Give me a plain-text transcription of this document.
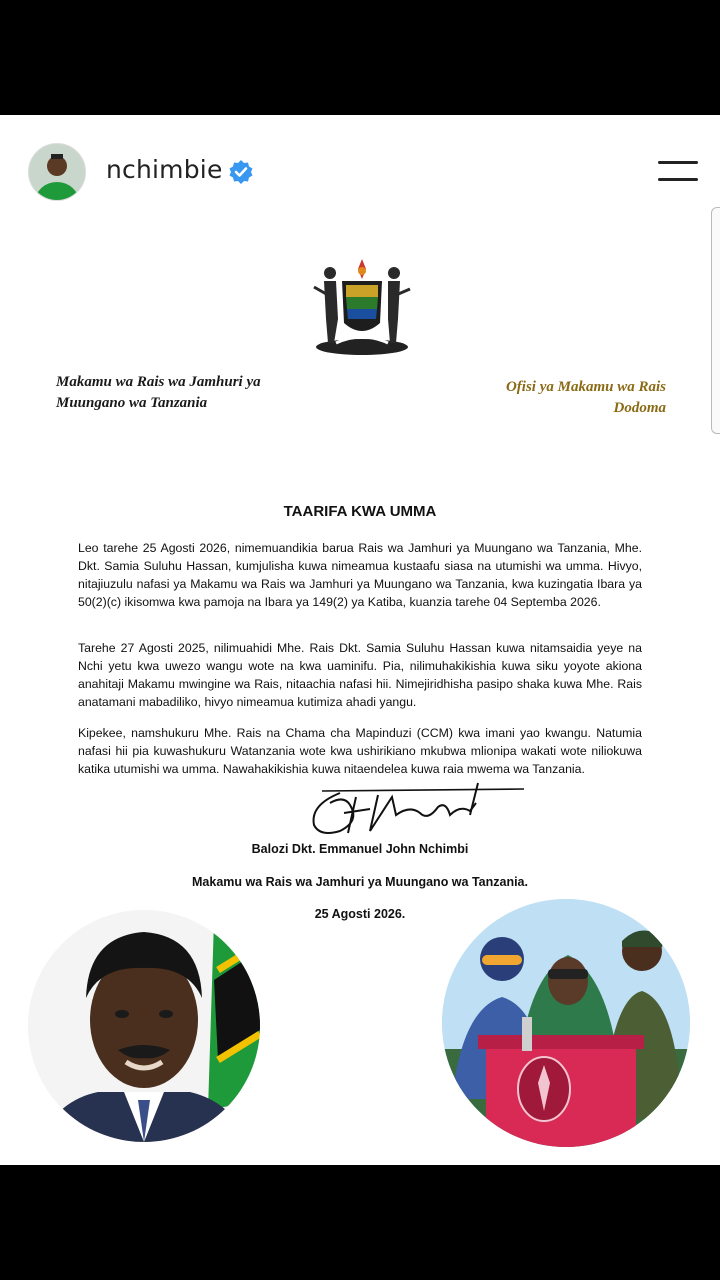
nchimbie
Makamu wa Rais wa Jamhuri ya Muungano wa Tanzania
Ofisi ya Makamu wa Rais
Dodoma
TAARIFA KWA UMMA
Leo tarehe 25 Agosti 2026, nimemuandikia barua Rais wa Jamhuri ya Muungano wa Tanzania, Mhe. Dkt. Samia Suluhu Hassan, kumjulisha kuwa nimeamua kustaafu siasa na utumishi wa umma. Hivyo, nitajiuzulu nafasi ya Makamu wa Rais wa Jamhuri ya Muungano wa Tanzania, kwa kuzingatia Ibara ya 50(2)(c) ikisomwa kwa pamoja na Ibara ya 149(2) ya Katiba, kuanzia tarehe 04 Septemba 2026.
Tarehe 27 Agosti 2025, nilimuahidi Mhe. Rais Dkt. Samia Suluhu Hassan kuwa nitamsaidia yeye na Nchi yetu kwa uwezo wangu wote na kwa uaminifu. Pia, nilimuhakikishia kuwa siku yoyote akiona anahitaji Makamu mwingine wa Rais, nitaachia nafasi hii. Nimejiridhisha pasipo shaka kuwa Mhe. Rais anatamani mabadiliko, hivyo nimeamua kutimiza ahadi yangu.
Kipekee, namshukuru Mhe. Rais na Chama cha Mapinduzi (CCM) kwa imani yao kwangu. Natumia nafasi hii pia kuwashukuru Watanzania wote kwa ushirikiano mkubwa mlionipa wakati wote niliokuwa katika utumishi wa umma. Nawahakikishia kuwa nitaendelea kuwa raia mwema wa Tanzania.
Balozi Dkt. Emmanuel John Nchimbi
Makamu wa Rais wa Jamhuri ya Muungano wa Tanzania.
25 Agosti 2026.
